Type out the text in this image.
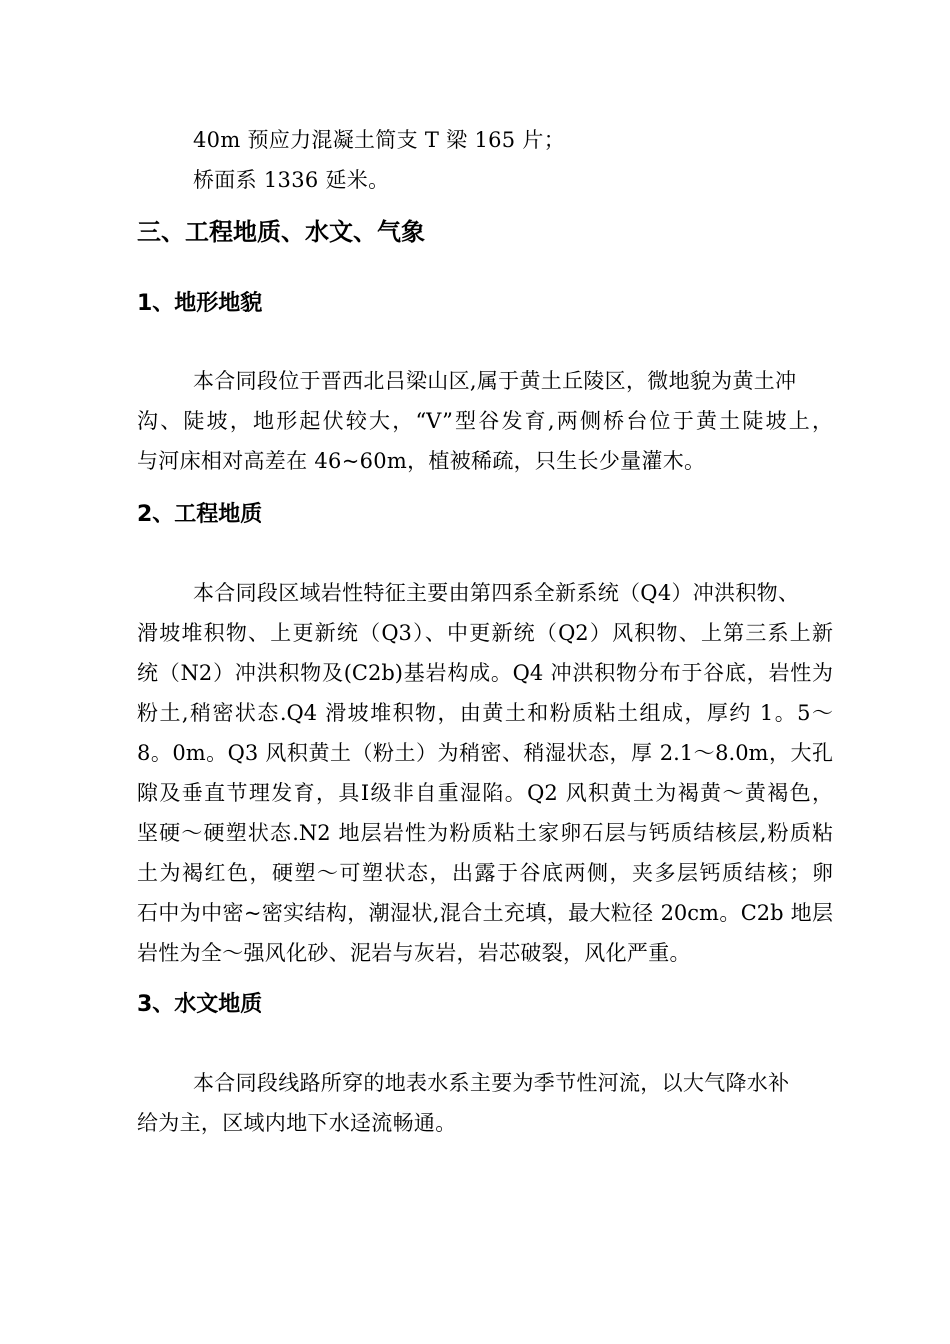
40m 预应力混凝土简支 T 梁 165 片；
桥面系 1336 延米。
三、工程地质、水文、气象
1、地形地貌
本合同段位于晋西北吕梁山区,属于黄土丘陵区，微地貌为黄土冲
沟、陡坡，地形起伏较大，“V”型谷发育,两侧桥台位于黄土陡坡上，
与河床相对高差在 46~60m，植被稀疏，只生长少量灌木。
2、工程地质
本合同段区域岩性特征主要由第四系全新系统（Q4）冲洪积物、
滑坡堆积物、上更新统（Q3）、中更新统（Q2）风积物、上第三系上新
统（N2）冲洪积物及(C2b)基岩构成。Q4 冲洪积物分布于谷底，岩性为
粉土,稍密状态.Q4 滑坡堆积物，由黄土和粉质粘土组成，厚约 1。5～
8。0m。Q3 风积黄土（粉土）为稍密、稍湿状态，厚 2.1～8.0m，大孔
隙及垂直节理发育，具Ⅰ级非自重湿陷。Q2 风积黄土为褐黄～黄褐色，
坚硬～硬塑状态.N2 地层岩性为粉质粘土家卵石层与钙质结核层,粉质粘
土为褐红色，硬塑～可塑状态，出露于谷底两侧，夹多层钙质结核；卵
石中为中密~密实结构，潮湿状,混合土充填，最大粒径 20cm。C2b 地层
岩性为全～强风化砂、泥岩与灰岩，岩芯破裂，风化严重。
3、水文地质
本合同段线路所穿的地表水系主要为季节性河流，以大气降水补
给为主，区域内地下水迳流畅通。
